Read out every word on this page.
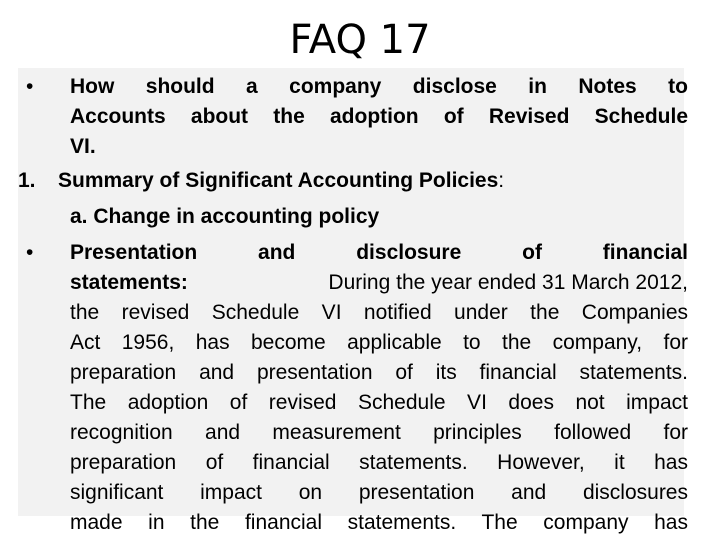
FAQ 17
• How should a company disclose in Notes to
Accounts about the adoption of Revised Schedule
VI.
1. Summary of Significant Accounting Policies:
a. Change in accounting policy
• Presentation	and	disclosure	of	financial
statements:	During the year ended 31 March 2012,
the revised Schedule VI notified under the Companies
Act 1956, has become applicable to the company, for
preparation and presentation of its financial statements.
The adoption of revised Schedule VI does not impact
recognition and measurement principles followed for
preparation of financial statements. However, it has
significant impact on presentation and disclosures
made in the financial statements. The company has
